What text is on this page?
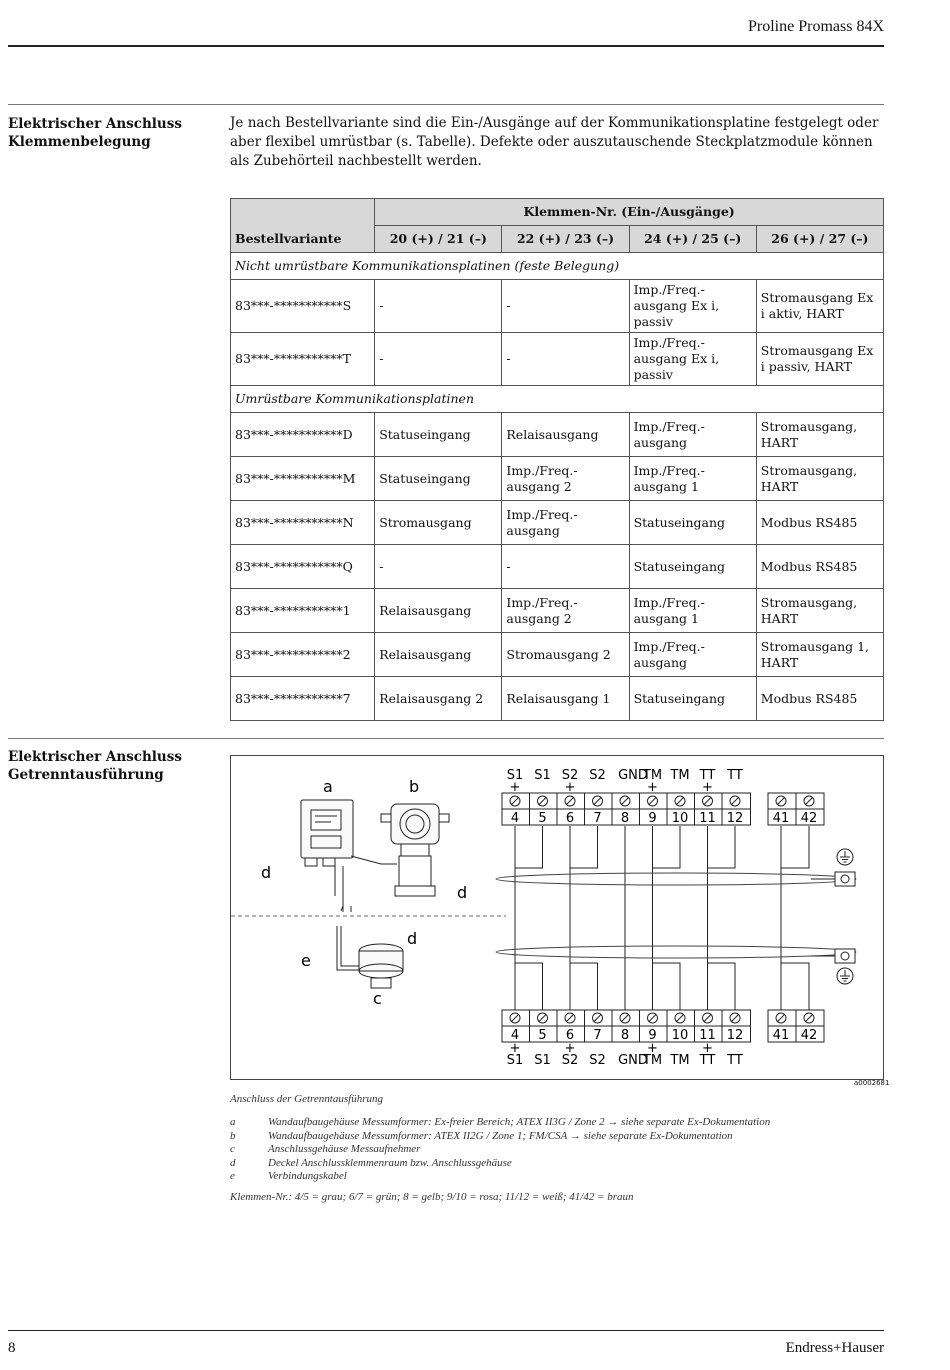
Proline Promass 84X
Elektrischer Anschluss
Klemmenbelegung
Je nach Bestellvariante sind die Ein-/Ausgänge auf der Kommunikationsplatine festgelegt oder aber flexibel umrüstbar (s. Tabelle). Defekte oder auszutauschende Steckplatzmodule können als Zubehörteil nachbestellt werden.
	Klemmen-Nr. (Ein-/Ausgänge)			
Bestellvariante	20 (+) / 21 (–)	22 (+) / 23 (–)	24 (+) / 25 (–)	26 (+) / 27 (–)
Nicht umrüstbare Kommunikationsplatinen (feste Belegung)				
83***-***********S	-	-	Imp./Freq.-ausgang Ex i, passiv	Stromausgang Ex i aktiv, HART
83***-***********T	-	-	Imp./Freq.-ausgang Ex i, passiv	Stromausgang Ex i passiv, HART
Umrüstbare Kommunikationsplatinen				
83***-***********D	Statuseingang	Relaisausgang	Imp./Freq.-ausgang	Stromausgang, HART
83***-***********M	Statuseingang	Imp./Freq.-ausgang 2	Imp./Freq.-ausgang 1	Stromausgang, HART
83***-***********N	Stromausgang	Imp./Freq.-ausgang	Statuseingang	Modbus RS485
83***-***********Q	-	-	Statuseingang	Modbus RS485
83***-***********1	Relaisausgang	Imp./Freq.-ausgang 2	Imp./Freq.-ausgang 1	Stromausgang, HART
83***-***********2	Relaisausgang	Stromausgang 2	Imp./Freq.-ausgang	Stromausgang 1, HART
83***-***********7	Relaisausgang 2	Relaisausgang 1	Statuseingang	Modbus RS485
Elektrischer Anschluss
Getrenntausführung
a	b
d
d
d
e
c
S1
+
S1 S2
+
S2 GND
TM
+
TM TT
+
TT
4 5 6 7 8 9 10 11 12 41 42
4 5 6 7 8 9 10 11 12 41 42
S1
+
S1 S2
+
S2 GND
TM
+
TM TT
+
TT
a0002681
Anschluss der Getrenntausführung
a	Wandaufbaugehäuse Messumformer: Ex-freier Bereich; ATEX II3G / Zone 2 → siehe separate Ex-Dokumentation
b	Wandaufbaugehäuse Messumformer: ATEX II2G / Zone 1; FM/CSA → siehe separate Ex-Dokumentation
c	Anschlussgehäuse Messaufnehmer
d	Deckel Anschlussklemmenraum bzw. Anschlussgehäuse
e	Verbindungskabel
Klemmen-Nr.: 4/5 = grau; 6/7 = grün; 8 = gelb; 9/10 = rosa; 11/12 = weiß; 41/42 = braun
8	Endress+Hauser
